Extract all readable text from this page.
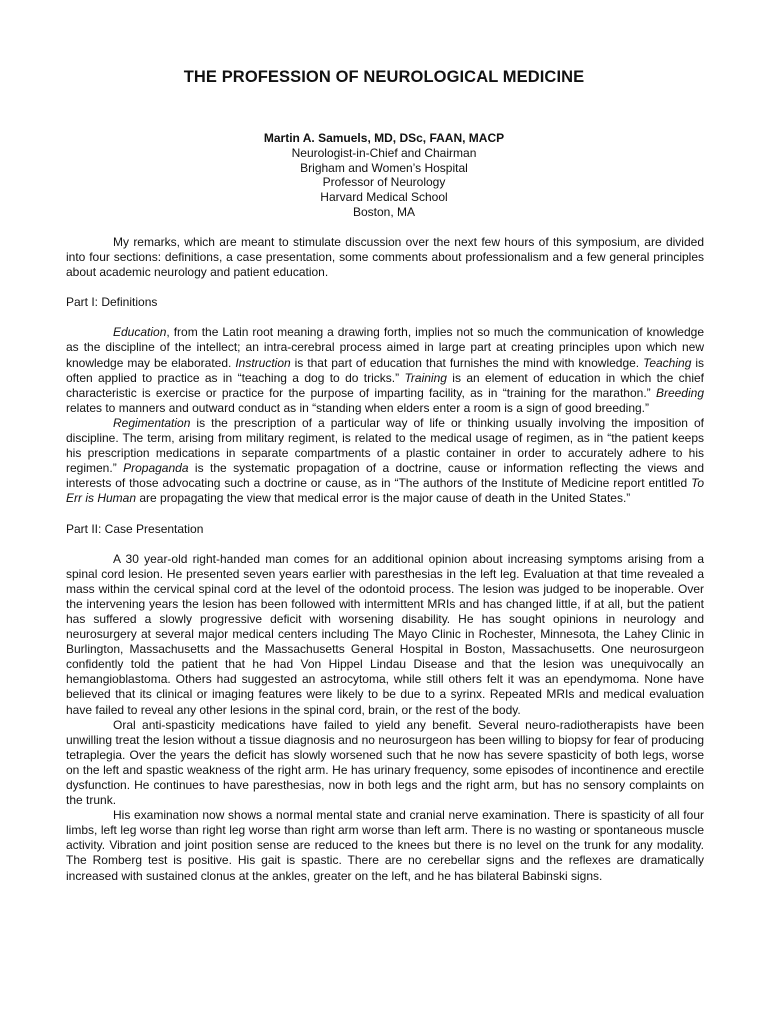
THE PROFESSION OF NEUROLOGICAL MEDICINE
Martin A. Samuels, MD, DSc, FAAN, MACP
Neurologist-in-Chief and Chairman
Brigham and Women’s Hospital
Professor of Neurology
Harvard Medical School
Boston, MA

My remarks, which are meant to stimulate discussion over the next few hours of this symposium, are divided into four sections: definitions, a case presentation, some comments about professionalism and a few general principles about academic neurology and patient education.

Part I: Definitions

Education, from the Latin root meaning a drawing forth, implies not so much the communication of knowledge as the discipline of the intellect; an intra-cerebral process aimed in large part at creating principles upon which new knowledge may be elaborated. Instruction is that part of education that furnishes the mind with knowledge. Teaching is often applied to practice as in “teaching a dog to do tricks.” Training is an element of education in which the chief characteristic is exercise or practice for the purpose of imparting facility, as in “training for the marathon.” Breeding relates to manners and outward conduct as in “standing when elders enter a room is a sign of good breeding.”

Regimentation is the prescription of a particular way of life or thinking usually involving the imposition of discipline. The term, arising from military regiment, is related to the medical usage of regimen, as in “the patient keeps his prescription medications in separate compartments of a plastic container in order to accurately adhere to his regimen.” Propaganda is the systematic propagation of a doctrine, cause or information reflecting the views and interests of those advocating such a doctrine or cause, as in “The authors of the Institute of Medicine report entitled To Err is Human are propagating the view that medical error is the major cause of death in the United States.”

Part II: Case Presentation

A 30 year-old right-handed man comes for an additional opinion about increasing symptoms arising from a spinal cord lesion. He presented seven years earlier with paresthesias in the left leg. Evaluation at that time revealed a mass within the cervical spinal cord at the level of the odontoid process. The lesion was judged to be inoperable. Over the intervening years the lesion has been followed with intermittent MRIs and has changed little, if at all, but the patient has suffered a slowly progressive deficit with worsening disability. He has sought opinions in neurology and neurosurgery at several major medical centers including The Mayo Clinic in Rochester, Minnesota, the Lahey Clinic in Burlington, Massachusetts and the Massachusetts General Hospital in Boston, Massachusetts. One neurosurgeon confidently told the patient that he had Von Hippel Lindau Disease and that the lesion was unequivocally an hemangioblastoma. Others had suggested an astrocytoma, while still others felt it was an ependymoma. None have believed that its clinical or imaging features were likely to be due to a syrinx. Repeated MRIs and medical evaluation have failed to reveal any other lesions in the spinal cord, brain, or the rest of the body.

Oral anti-spasticity medications have failed to yield any benefit. Several neuro-radiotherapists have been unwilling treat the lesion without a tissue diagnosis and no neurosurgeon has been willing to biopsy for fear of producing tetraplegia. Over the years the deficit has slowly worsened such that he now has severe spasticity of both legs, worse on the left and spastic weakness of the right arm. He has urinary frequency, some episodes of incontinence and erectile dysfunction. He continues to have paresthesias, now in both legs and the right arm, but has no sensory complaints on the trunk.

His examination now shows a normal mental state and cranial nerve examination. There is spasticity of all four limbs, left leg worse than right leg worse than right arm worse than left arm. There is no wasting or spontaneous muscle activity. Vibration and joint position sense are reduced to the knees but there is no level on the trunk for any modality. The Romberg test is positive. His gait is spastic. There are no cerebellar signs and the reflexes are dramatically increased with sustained clonus at the ankles, greater on the left, and he has bilateral Babinski signs.
